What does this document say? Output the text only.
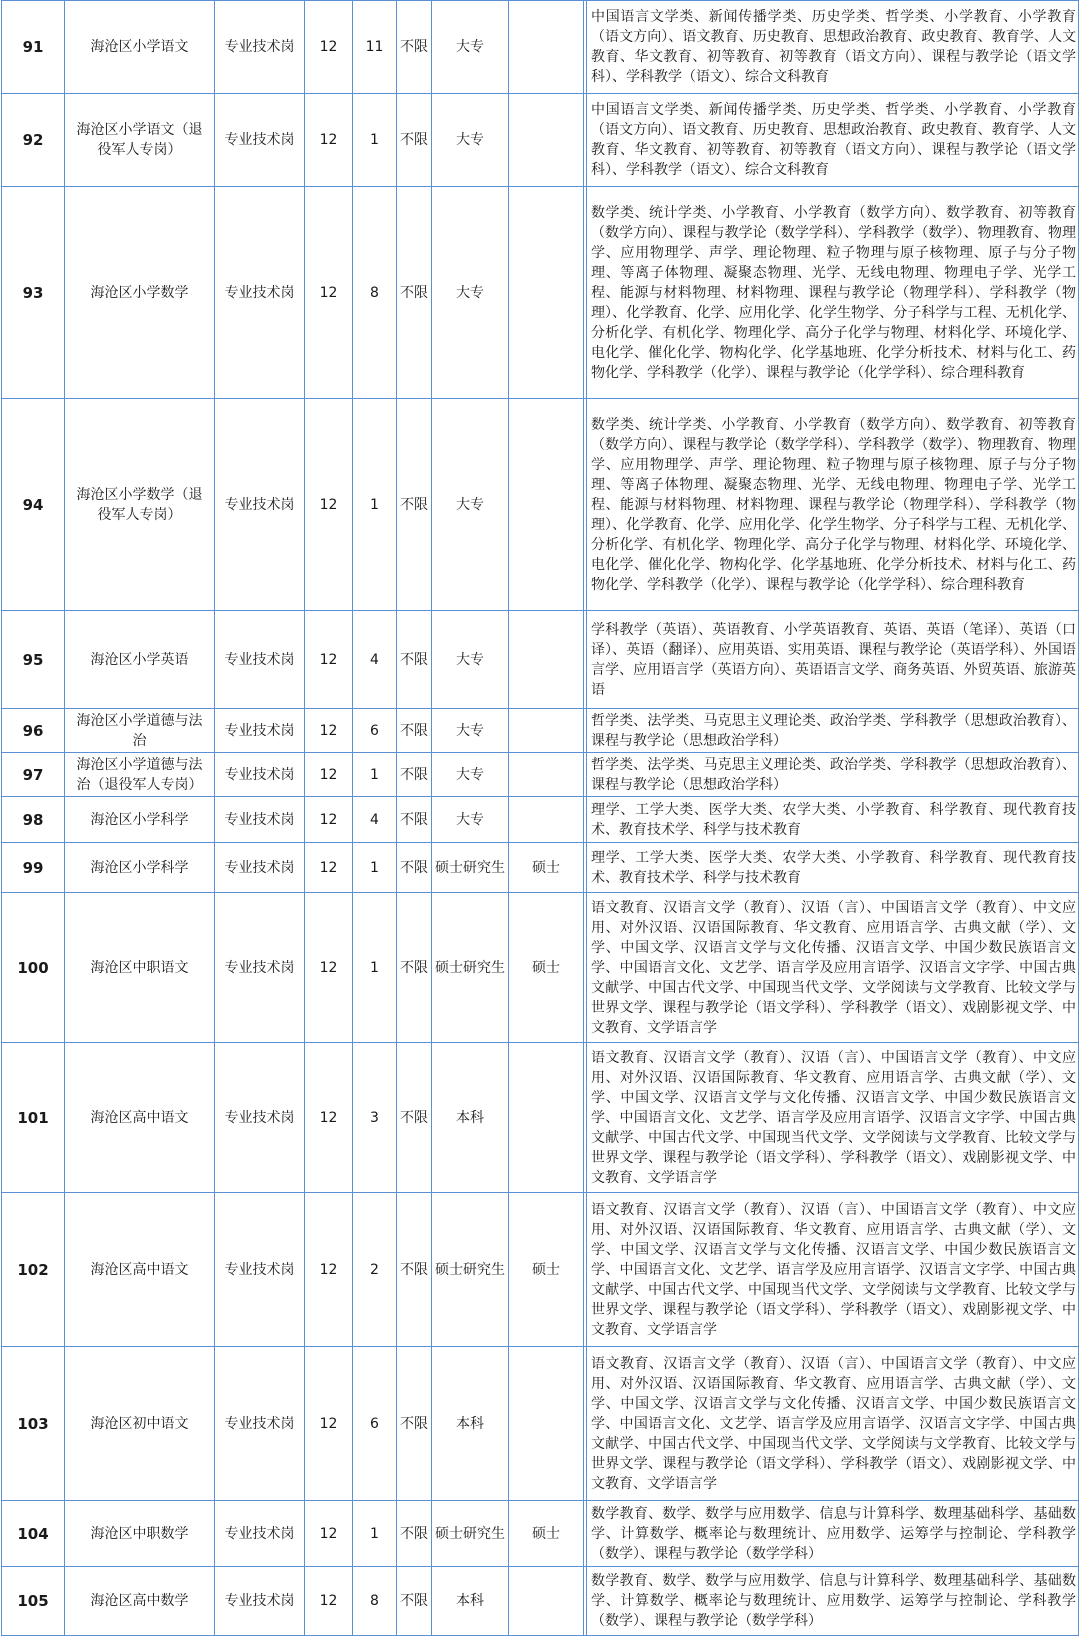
91	海沧区小学语文	专业技术岗	12	11	不限	大专			中国语言文学类、新闻传播学类、历史学类、哲学类、小学教育、小学教育（语文方向）、语文教育、历史教育、思想政治教育、政史教育、教育学、人文教育、华文教育、初等教育、初等教育（语文方向）、课程与教学论（语文学科）、学科教学（语文）、综合文科教育
92	海沧区小学语文（退役军人专岗）	专业技术岗	12	1	不限	大专			中国语言文学类、新闻传播学类、历史学类、哲学类、小学教育、小学教育（语文方向）、语文教育、历史教育、思想政治教育、政史教育、教育学、人文教育、华文教育、初等教育、初等教育（语文方向）、课程与教学论（语文学科）、学科教学（语文）、综合文科教育
93	海沧区小学数学	专业技术岗	12	8	不限	大专			数学类、统计学类、小学教育、小学教育（数学方向）、数学教育、初等教育（数学方向）、课程与教学论（数学学科）、学科教学（数学）、物理教育、物理学、应用物理学、声学、理论物理、粒子物理与原子核物理、原子与分子物理、等离子体物理、凝聚态物理、光学、无线电物理、物理电子学、光学工程、能源与材料物理、材料物理、课程与教学论（物理学科）、学科教学（物理）、化学教育、化学、应用化学、化学生物学、分子科学与工程、无机化学、分析化学、有机化学、物理化学、高分子化学与物理、材料化学、环境化学、电化学、催化化学、物构化学、化学基地班、化学分析技术、材料与化工、药物化学、学科教学（化学）、课程与教学论（化学学科）、综合理科教育
94	海沧区小学数学（退役军人专岗）	专业技术岗	12	1	不限	大专			数学类、统计学类、小学教育、小学教育（数学方向）、数学教育、初等教育（数学方向）、课程与教学论（数学学科）、学科教学（数学）、物理教育、物理学、应用物理学、声学、理论物理、粒子物理与原子核物理、原子与分子物理、等离子体物理、凝聚态物理、光学、无线电物理、物理电子学、光学工程、能源与材料物理、材料物理、课程与教学论（物理学科）、学科教学（物理）、化学教育、化学、应用化学、化学生物学、分子科学与工程、无机化学、分析化学、有机化学、物理化学、高分子化学与物理、材料化学、环境化学、电化学、催化化学、物构化学、化学基地班、化学分析技术、材料与化工、药物化学、学科教学（化学）、课程与教学论（化学学科）、综合理科教育
95	海沧区小学英语	专业技术岗	12	4	不限	大专			学科教学（英语）、英语教育、小学英语教育、英语、英语（笔译）、英语（口译）、英语（翻译）、应用英语、实用英语、课程与教学论（英语学科）、外国语言学、应用语言学（英语方向）、英语语言文学、商务英语、外贸英语、旅游英语
96	海沧区小学道德与法治	专业技术岗	12	6	不限	大专			哲学类、法学类、马克思主义理论类、政治学类、学科教学（思想政治教育）、课程与教学论（思想政治学科）
97	海沧区小学道德与法治（退役军人专岗）	专业技术岗	12	1	不限	大专			哲学类、法学类、马克思主义理论类、政治学类、学科教学（思想政治教育）、课程与教学论（思想政治学科）
98	海沧区小学科学	专业技术岗	12	4	不限	大专			理学、工学大类、医学大类、农学大类、小学教育、科学教育、现代教育技术、教育技术学、科学与技术教育
99	海沧区小学科学	专业技术岗	12	1	不限	硕士研究生	硕士		理学、工学大类、医学大类、农学大类、小学教育、科学教育、现代教育技术、教育技术学、科学与技术教育
100	海沧区中职语文	专业技术岗	12	1	不限	硕士研究生	硕士		语文教育、汉语言文学（教育）、汉语（言）、中国语言文学（教育）、中文应用、对外汉语、汉语国际教育、华文教育、应用语言学、古典文献（学）、文学、中国文学、汉语言文学与文化传播、汉语言文学、中国少数民族语言文学、中国语言文化、文艺学、语言学及应用言语学、汉语言文字学、中国古典文献学、中国古代文学、中国现当代文学、文学阅读与文学教育、比较文学与世界文学、课程与教学论（语文学科）、学科教学（语文）、戏剧影视文学、中文教育、文学语言学
101	海沧区高中语文	专业技术岗	12	3	不限	本科			语文教育、汉语言文学（教育）、汉语（言）、中国语言文学（教育）、中文应用、对外汉语、汉语国际教育、华文教育、应用语言学、古典文献（学）、文学、中国文学、汉语言文学与文化传播、汉语言文学、中国少数民族语言文学、中国语言文化、文艺学、语言学及应用言语学、汉语言文字学、中国古典文献学、中国古代文学、中国现当代文学、文学阅读与文学教育、比较文学与世界文学、课程与教学论（语文学科）、学科教学（语文）、戏剧影视文学、中文教育、文学语言学
102	海沧区高中语文	专业技术岗	12	2	不限	硕士研究生	硕士		语文教育、汉语言文学（教育）、汉语（言）、中国语言文学（教育）、中文应用、对外汉语、汉语国际教育、华文教育、应用语言学、古典文献（学）、文学、中国文学、汉语言文学与文化传播、汉语言文学、中国少数民族语言文学、中国语言文化、文艺学、语言学及应用言语学、汉语言文字学、中国古典文献学、中国古代文学、中国现当代文学、文学阅读与文学教育、比较文学与世界文学、课程与教学论（语文学科）、学科教学（语文）、戏剧影视文学、中文教育、文学语言学
103	海沧区初中语文	专业技术岗	12	6	不限	本科			语文教育、汉语言文学（教育）、汉语（言）、中国语言文学（教育）、中文应用、对外汉语、汉语国际教育、华文教育、应用语言学、古典文献（学）、文学、中国文学、汉语言文学与文化传播、汉语言文学、中国少数民族语言文学、中国语言文化、文艺学、语言学及应用言语学、汉语言文字学、中国古典文献学、中国古代文学、中国现当代文学、文学阅读与文学教育、比较文学与世界文学、课程与教学论（语文学科）、学科教学（语文）、戏剧影视文学、中文教育、文学语言学
104	海沧区中职数学	专业技术岗	12	1	不限	硕士研究生	硕士		数学教育、数学、数学与应用数学、信息与计算科学、数理基础科学、基础数学、计算数学、概率论与数理统计、应用数学、运筹学与控制论、学科教学（数学）、课程与教学论（数学学科）
105	海沧区高中数学	专业技术岗	12	8	不限	本科			数学教育、数学、数学与应用数学、信息与计算科学、数理基础科学、基础数学、计算数学、概率论与数理统计、应用数学、运筹学与控制论、学科教学（数学）、课程与教学论（数学学科）
